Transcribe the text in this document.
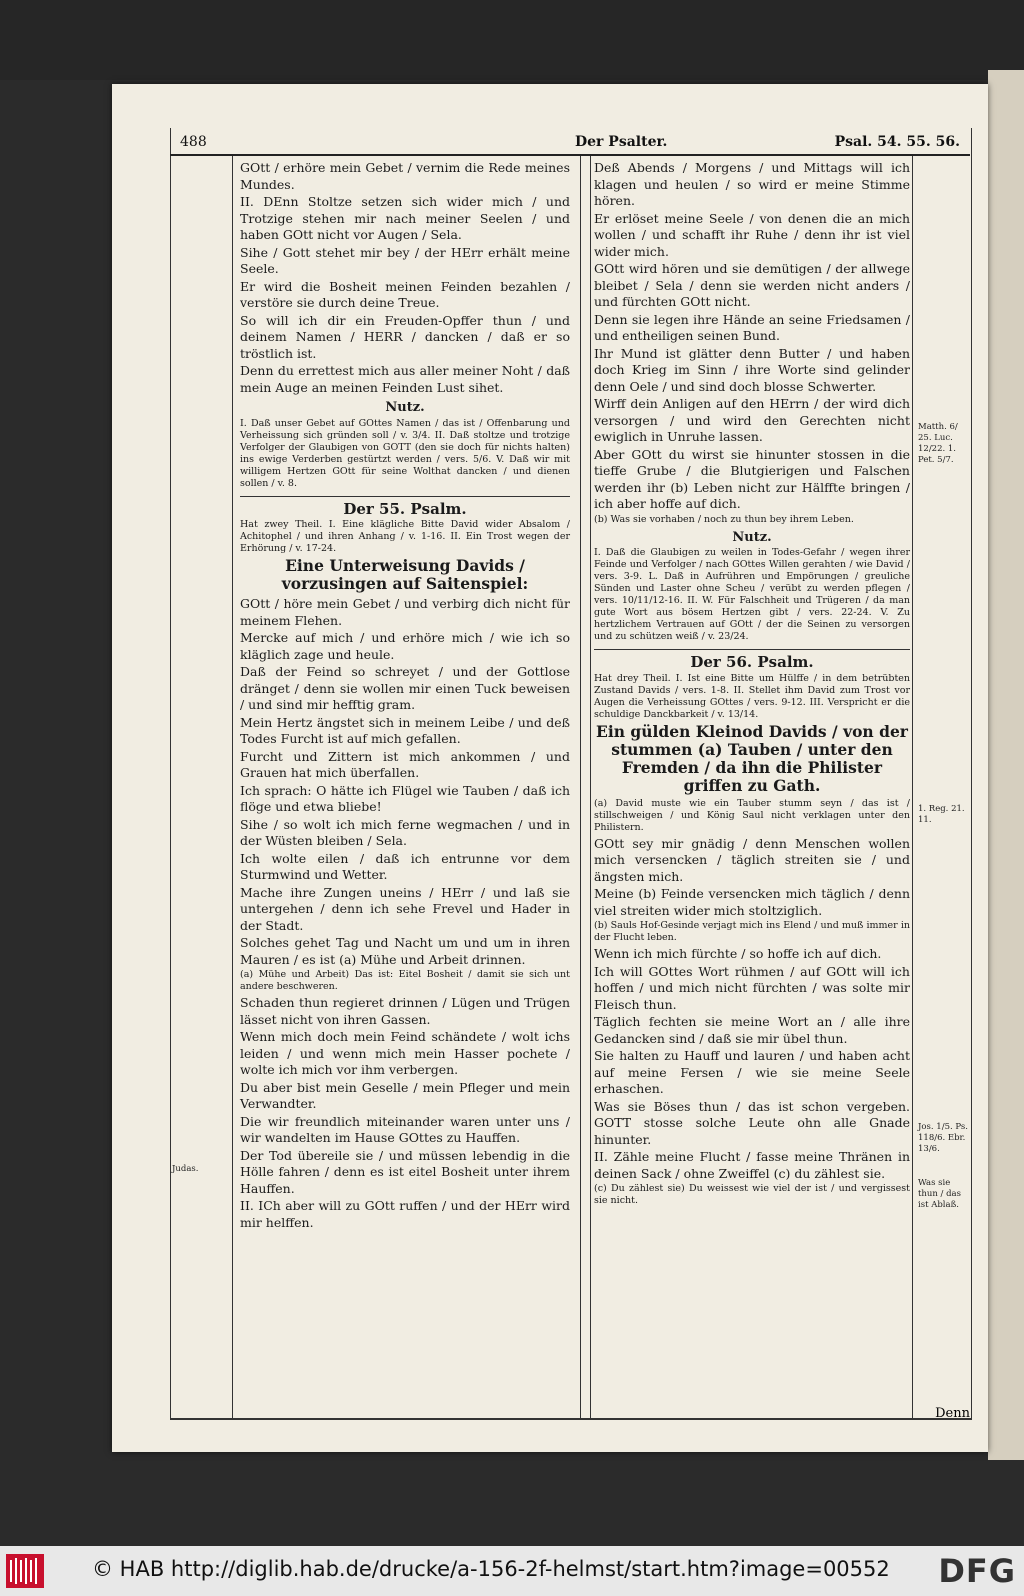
488	Der Psalter.	Psal. 54. 55. 56.
Judas.
Matth. 6/ 25. Luc. 12/22. 1. Pet. 5/7.
1. Reg. 21. 11.
Jos. 1/5. Ps. 118/6. Ebr. 13/6.
Was sie thun / das ist Ablaß.

GOtt / erhöre mein Gebet / vernim die Rede meines Mundes.

II. DEnn Stoltze setzen sich wider mich / und Trotzige stehen mir nach meiner Seelen / und haben GOtt nicht vor Augen / Sela.

Sihe / Gott stehet mir bey / der HErr erhält meine Seele.

Er wird die Bosheit meinen Feinden bezahlen / verstöre sie durch deine Treue.

So will ich dir ein Freuden-Opffer thun / und deinem Namen / HERR / dancken / daß er so tröstlich ist.

Denn du errettest mich aus aller meiner Noht / daß mein Auge an meinen Feinden Lust sihet.

Nutz.

I. Daß unser Gebet auf GOttes Namen / das ist / Offenbarung und Verheissung sich gründen soll / v. 3/4. II. Daß stoltze und trotzige Verfolger der Glaubigen von GOTT (den sie doch für nichts halten) ins ewige Verderben gestürtzt werden / vers. 5/6. V. Daß wir mit willigem Hertzen GOtt für seine Wolthat dancken / und dienen sollen / v. 8.

Der 55. Psalm.

Hat zwey Theil. I. Eine klägliche Bitte David wider Absalom / Achitophel / und ihren Anhang / v. 1-16. II. Ein Trost wegen der Erhörung / v. 17-24.

Eine Unterweisung Davids / vorzusingen auf Saitenspiel:

GOtt / höre mein Gebet / und verbirg dich nicht für meinem Flehen.

Mercke auf mich / und erhöre mich / wie ich so kläglich zage und heule.

Daß der Feind so schreyet / und der Gottlose dränget / denn sie wollen mir einen Tuck beweisen / und sind mir hefftig gram.

Mein Hertz ängstet sich in meinem Leibe / und deß Todes Furcht ist auf mich gefallen.

Furcht und Zittern ist mich ankommen / und Grauen hat mich überfallen.

Ich sprach: O hätte ich Flügel wie Tauben / daß ich flöge und etwa bliebe!

Sihe / so wolt ich mich ferne wegmachen / und in der Wüsten bleiben / Sela.

Ich wolte eilen / daß ich entrunne vor dem Sturmwind und Wetter.

Mache ihre Zungen uneins / HErr / und laß sie untergehen / denn ich sehe Frevel und Hader in der Stadt.

Solches gehet Tag und Nacht um und um in ihren Mauren / es ist (a) Mühe und Arbeit drinnen.

(a) Mühe und Arbeit) Das ist: Eitel Bosheit / damit sie sich unt andere beschweren.

Schaden thun regieret drinnen / Lügen und Trügen lässet nicht von ihren Gassen.

Wenn mich doch mein Feind schändete / wolt ichs leiden / und wenn mich mein Hasser pochete / wolte ich mich vor ihm verbergen.

Du aber bist mein Geselle / mein Pfleger und mein Verwandter.

Die wir freundlich miteinander waren unter uns / wir wandelten im Hause GOttes zu Hauffen.

Der Tod übereile sie / und müssen lebendig in die Hölle fahren / denn es ist eitel Bosheit unter ihrem Hauffen.

II. ICh aber will zu GOtt ruffen / und der HErr wird mir helffen.

Deß Abends / Morgens / und Mittags will ich klagen und heulen / so wird er meine Stimme hören.

Er erlöset meine Seele / von denen die an mich wollen / und schafft ihr Ruhe / denn ihr ist viel wider mich.

GOtt wird hören und sie demütigen / der allwege bleibet / Sela / denn sie werden nicht anders / und fürchten GOtt nicht.

Denn sie legen ihre Hände an seine Friedsamen / und entheiligen seinen Bund.

Ihr Mund ist glätter denn Butter / und haben doch Krieg im Sinn / ihre Worte sind gelinder denn Oele / und sind doch blosse Schwerter.

Wirff dein Anligen auf den HErrn / der wird dich versorgen / und wird den Gerechten nicht ewiglich in Unruhe lassen.

Aber GOtt du wirst sie hinunter stossen in die tieffe Grube / die Blutgierigen und Falschen werden ihr (b) Leben nicht zur Hälffte bringen / ich aber hoffe auf dich.

(b) Was sie vorhaben / noch zu thun bey ihrem Leben.

Nutz.

I. Daß die Glaubigen zu weilen in Todes-Gefahr / wegen ihrer Feinde und Verfolger / nach GOttes Willen gerahten / wie David / vers. 3-9. L. Daß in Aufrühren und Empörungen / greuliche Sünden und Laster ohne Scheu / verübt zu werden pflegen / vers. 10/11/12-16. II. W. Für Falschheit und Trügeren / da man gute Wort aus bösem Hertzen gibt / vers. 22-24. V. Zu hertzlichem Vertrauen auf GOtt / der die Seinen zu versorgen und zu schützen weiß / v. 23/24.

Der 56. Psalm.

Hat drey Theil. I. Ist eine Bitte um Hülffe / in dem betrübten Zustand Davids / vers. 1-8. II. Stellet ihm David zum Trost vor Augen die Verheissung GOttes / vers. 9-12. III. Verspricht er die schuldige Danckbarkeit / v. 13/14.

Ein gülden Kleinod Davids / von der stummen (a) Tauben / unter den Fremden / da ihn die Philister griffen zu Gath.

(a) David muste wie ein Tauber stumm seyn / das ist / stillschweigen / und König Saul nicht verklagen unter den Philistern.

GOtt sey mir gnädig / denn Menschen wollen mich versencken / täglich streiten sie / und ängsten mich.

Meine (b) Feinde versencken mich täglich / denn viel streiten wider mich stoltziglich.

(b) Sauls Hof-Gesinde verjagt mich ins Elend / und muß immer in der Flucht leben.

Wenn ich mich fürchte / so hoffe ich auf dich.

Ich will GOttes Wort rühmen / auf GOtt will ich hoffen / und mich nicht fürchten / was solte mir Fleisch thun.

Täglich fechten sie meine Wort an / alle ihre Gedancken sind / daß sie mir übel thun.

Sie halten zu Hauff und lauren / und haben acht auf meine Fersen / wie sie meine Seele erhaschen.

Was sie Böses thun / das ist schon vergeben. GOTT stosse solche Leute ohn alle Gnade hinunter.

II. Zähle meine Flucht / fasse meine Thränen in deinen Sack / ohne Zweiffel (c) du zählest sie.

(c) Du zählest sie) Du weissest wie viel der ist / und vergissest sie nicht.

Denn
© HAB http://diglib.hab.de/drucke/a-156-2f-helmst/start.htm?image=00552 DFG
